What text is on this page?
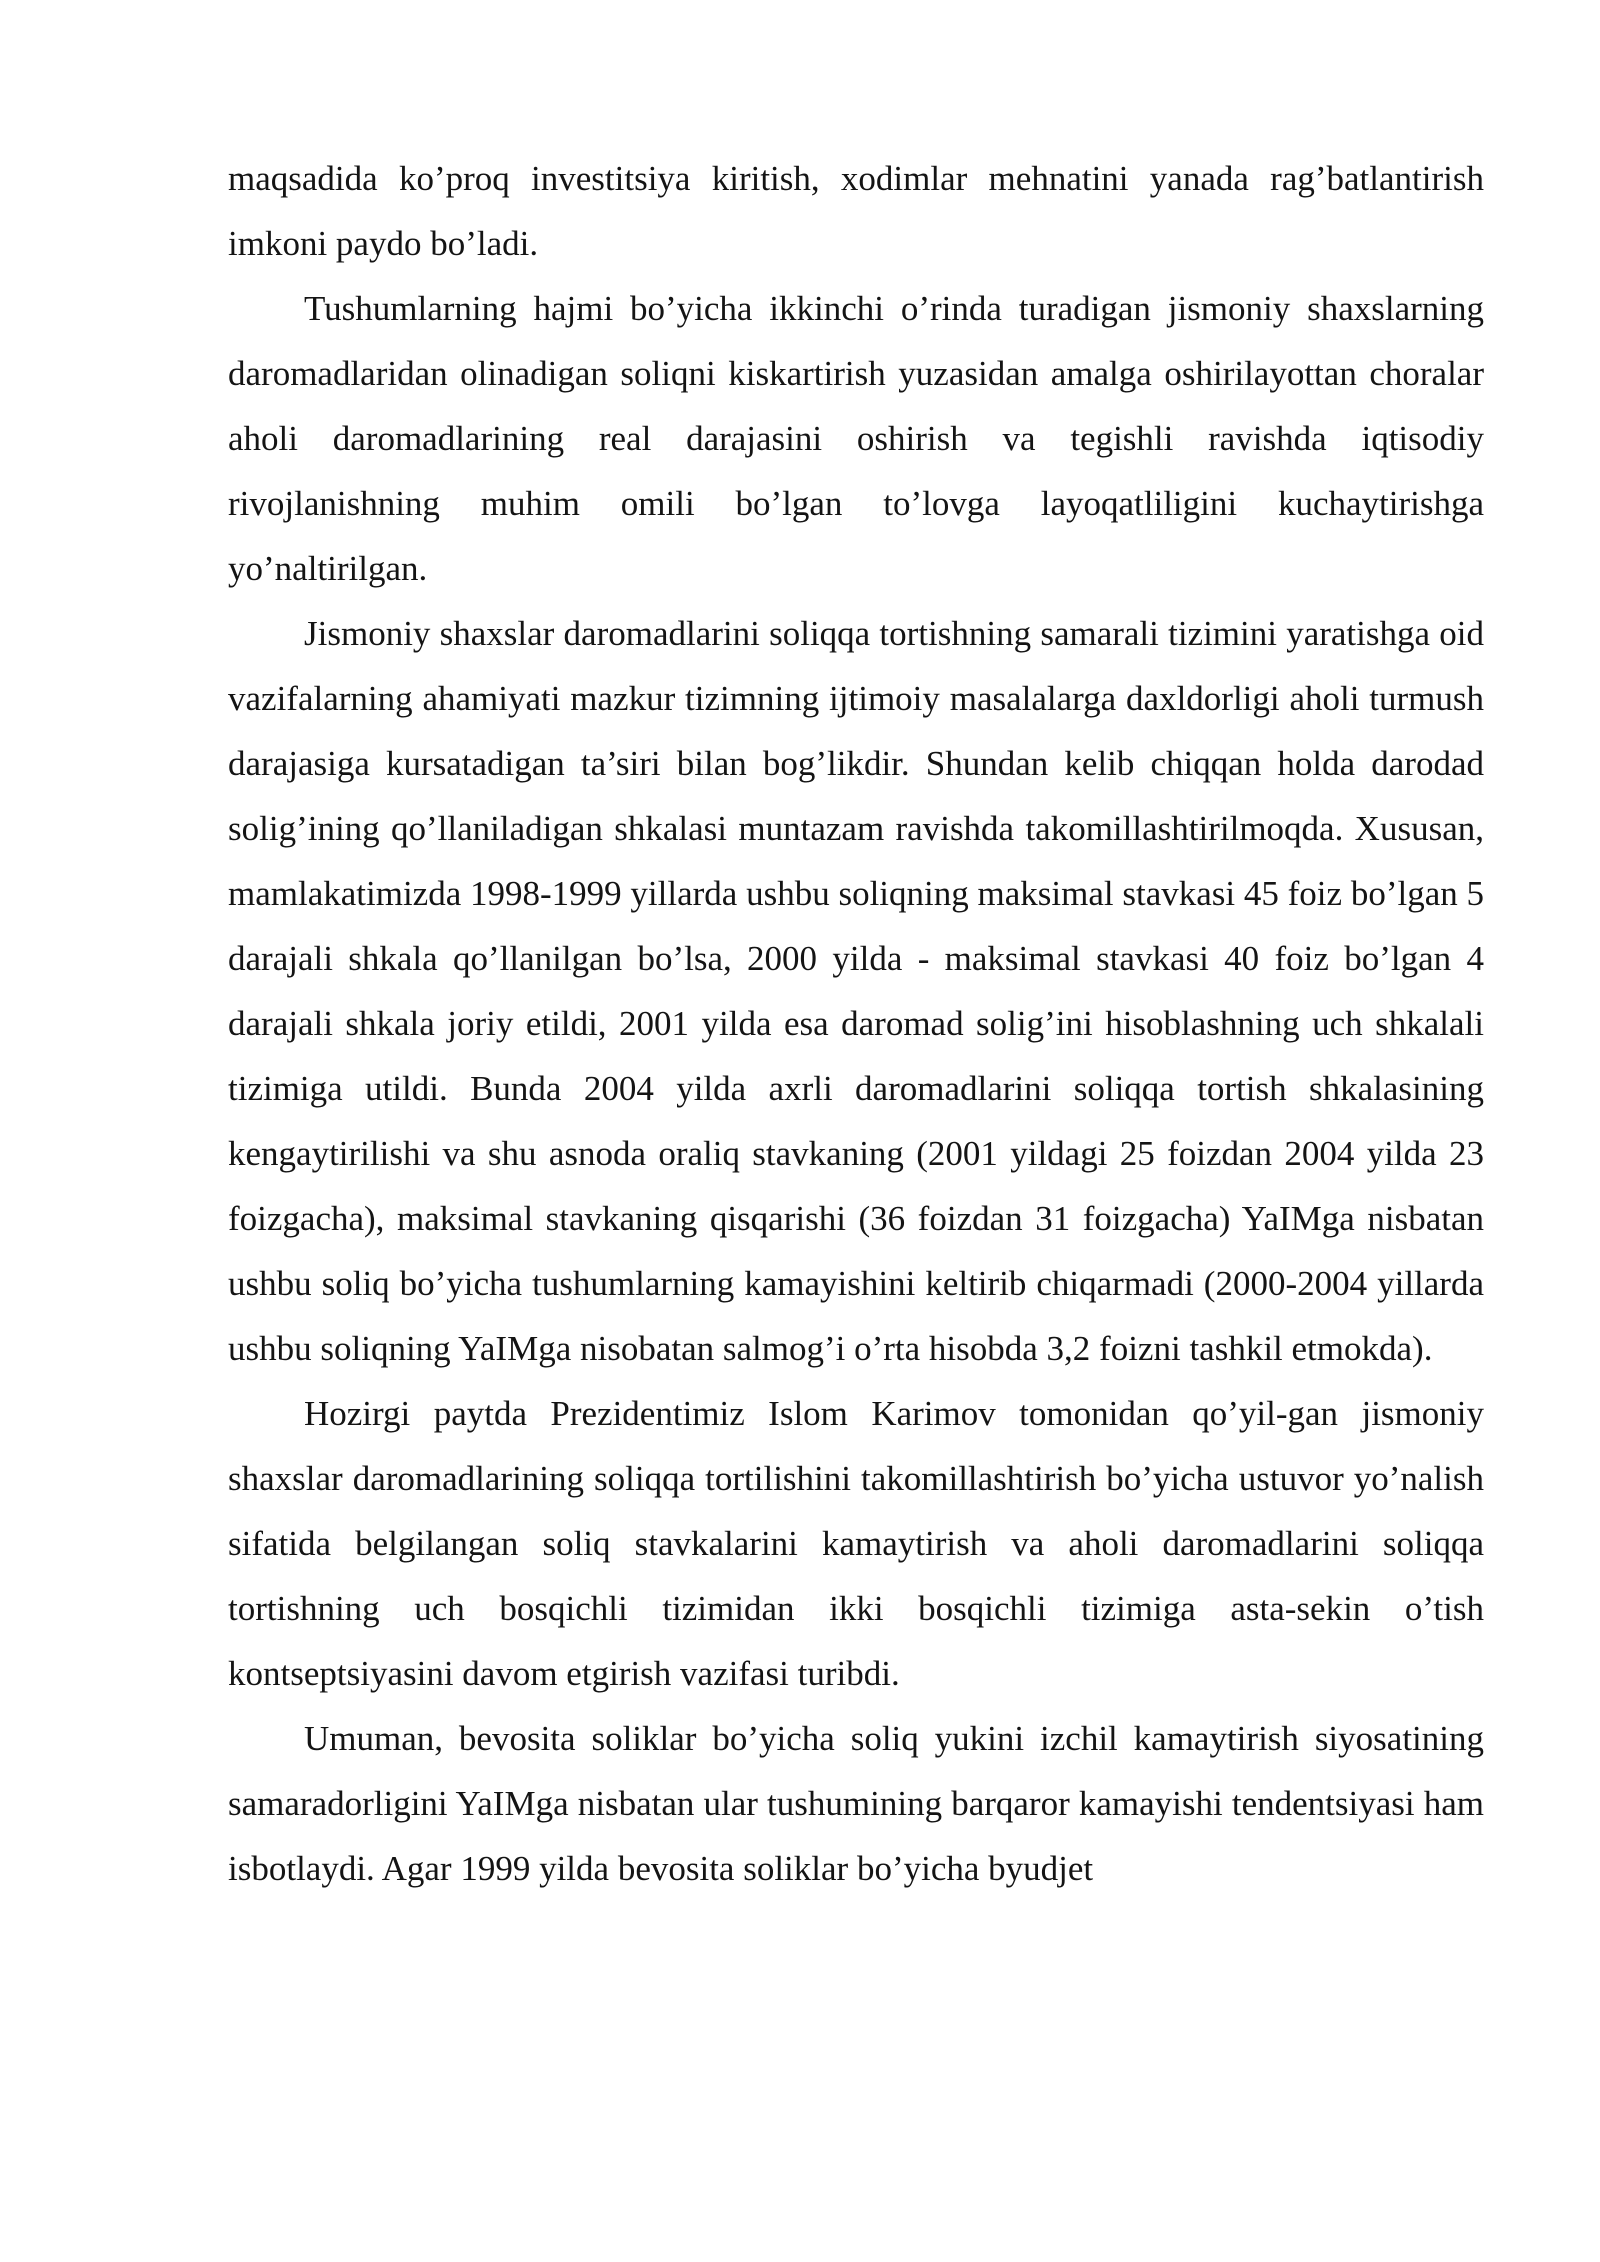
maqsadida ko’proq investitsiya kiritish, xodimlar mehnatini yanada rag’batlantirish imkoni paydo bo’ladi.

Tushumlarning hajmi bo’yicha ikkinchi o’rinda turadigan jismoniy shaxslarning daromadlaridan olinadigan soliqni kiskartirish yuzasidan amalga oshirilayottan choralar aholi daromadlarining real darajasini oshirish va tegishli ravishda iqtisodiy rivojlanishning muhim omili bo’lgan to’lovga layoqatliligini kuchaytirishga yo’naltirilgan.

Jismoniy shaxslar daromadlarini soliqqa tortishning samarali tizimini yaratishga oid vazifalarning ahamiyati mazkur tizimning ijtimoiy masalalarga daxldorligi aholi turmush darajasiga kursatadigan ta’siri bilan bog’likdir. Shundan kelib chiqqan holda darodad solig’ining qo’llaniladigan shkalasi muntazam ravishda takomillashtirilmoqda. Xususan, mamlakatimizda 1998-1999 yillarda ushbu soliqning maksimal stavkasi 45 foiz bo’lgan 5 darajali shkala qo’llanilgan bo’lsa, 2000 yilda - maksimal stavkasi 40 foiz bo’lgan 4 darajali shkala joriy etildi, 2001 yilda esa daromad solig’ini hisoblashning uch shkalali tizimiga utildi. Bunda 2004 yilda axrli daromadlarini soliqqa tortish shkalasining kengaytirilishi va shu asnoda oraliq stavkaning (2001 yildagi 25 foizdan 2004 yilda 23 foizgacha), maksimal stavkaning qisqarishi (36 foizdan 31 foizgacha) YaIMga nisbatan ushbu soliq bo’yicha tushumlarning kamayishini keltirib chiqarmadi (2000-2004 yillarda ushbu soliqning YaIMga nisobatan salmog’i o’rta hisobda 3,2 foizni tashkil etmokda).

Hozirgi paytda Prezidentimiz Islom Karimov tomonidan qo’yil-gan jismoniy shaxslar daromadlarining soliqqa tortilishini takomillashtirish bo’yicha ustuvor yo’nalish sifatida belgilangan soliq stavkalarini kamaytirish va aholi daromadlarini soliqqa tortishning uch bosqichli tizimidan ikki bosqichli tizimiga asta-sekin o’tish kontseptsiyasini davom etgirish vazifasi turibdi.

Umuman, bevosita soliklar bo’yicha soliq yukini izchil kamaytirish siyosatining samaradorligini YaIMga nisbatan ular tushumining barqaror kamayishi tendentsiyasi ham isbotlaydi. Agar 1999 yilda bevosita soliklar bo’yicha byudjet
